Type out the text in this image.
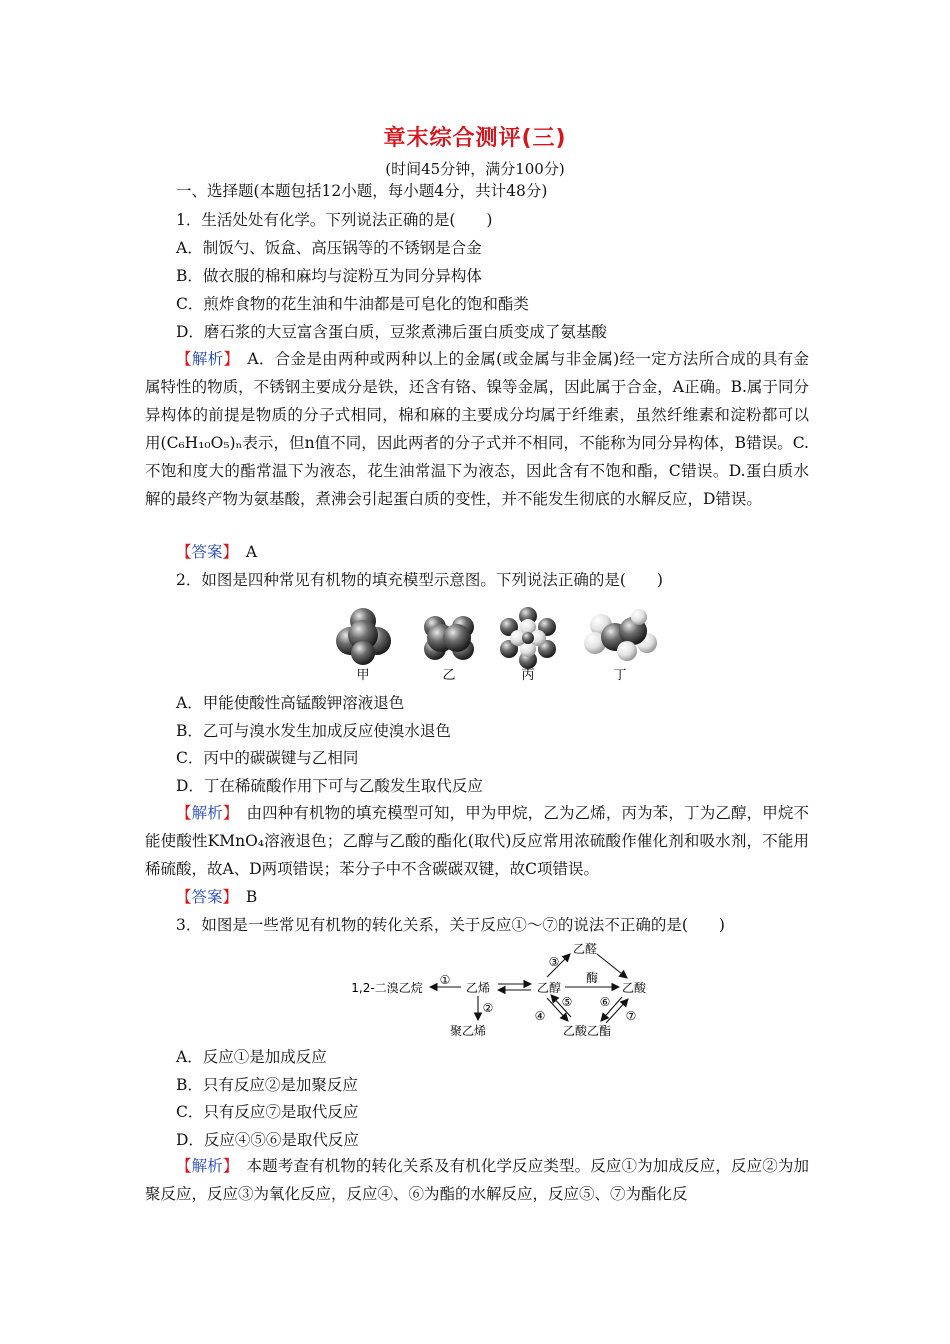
章末综合测评(三)
(时间45分钟，满分100分)
一、选择题(本题包括12小题，每小题4分，共计48分)
1．生活处处有化学。下列说法正确的是(　　)
A．制饭勺、饭盒、高压锅等的不锈钢是合金
B．做衣服的棉和麻均与淀粉互为同分异构体
C．煎炸食物的花生油和牛油都是可皂化的饱和酯类
D．磨石浆的大豆富含蛋白质，豆浆煮沸后蛋白质变成了氨基酸
【解析】　 A．合金是由两种或两种以上的金属(或金属与非金属)经一定方法所合成的具有金属特性的物质，不锈钢主要成分是铁，还含有铬、镍等金属，因此属于合金，A正确。B.属于同分异构体的前提是物质的分子式相同，棉和麻的主要成分均属于纤维素，虽然纤维素和淀粉都可以用(C₆H₁₀O₅)ₙ表示，但n值不同，因此两者的分子式并不相同，不能称为同分异构体，B错误。C.不饱和度大的酯常温下为液态，花生油常温下为液态，因此含有不饱和酯，C错误。D.蛋白质水解的最终产物为氨基酸，煮沸会引起蛋白质的变性，并不能发生彻底的水解反应，D错误。
【答案】　 A
2．如图是四种常见有机物的填充模型示意图。下列说法正确的是(　　)
甲	乙	丙	丁
A．甲能使酸性高锰酸钾溶液退色
B．乙可与溴水发生加成反应使溴水退色
C．丙中的碳碳键与乙相同
D．丁在稀硫酸作用下可与乙酸发生取代反应
【解析】　 由四种有机物的填充模型可知，甲为甲烷，乙为乙烯，丙为苯，丁为乙醇，甲烷不能使酸性KMnO₄溶液退色；乙醇与乙酸的酯化(取代)反应常用浓硫酸作催化剂和吸水剂，不能用稀硫酸，故A、D两项错误；苯分子中不含碳碳双键，故C项错误。
【答案】　 B
3．如图是一些常见有机物的转化关系，关于反应①～⑦的说法不正确的是(　　)
1,2-二溴乙烷
①
乙烯
②
聚乙烯
乙醇
③
乙醛
酶
乙酸
④
⑤ ⑥
⑦
乙酸乙酯
A．反应①是加成反应
B．只有反应②是加聚反应
C．只有反应⑦是取代反应
D．反应④⑤⑥是取代反应
【解析】　 本题考查有机物的转化关系及有机化学反应类型。反应①为加成反应，反应②为加聚反应，反应③为氧化反应，反应④、⑥为酯的水解反应，反应⑤、⑦为酯化反
